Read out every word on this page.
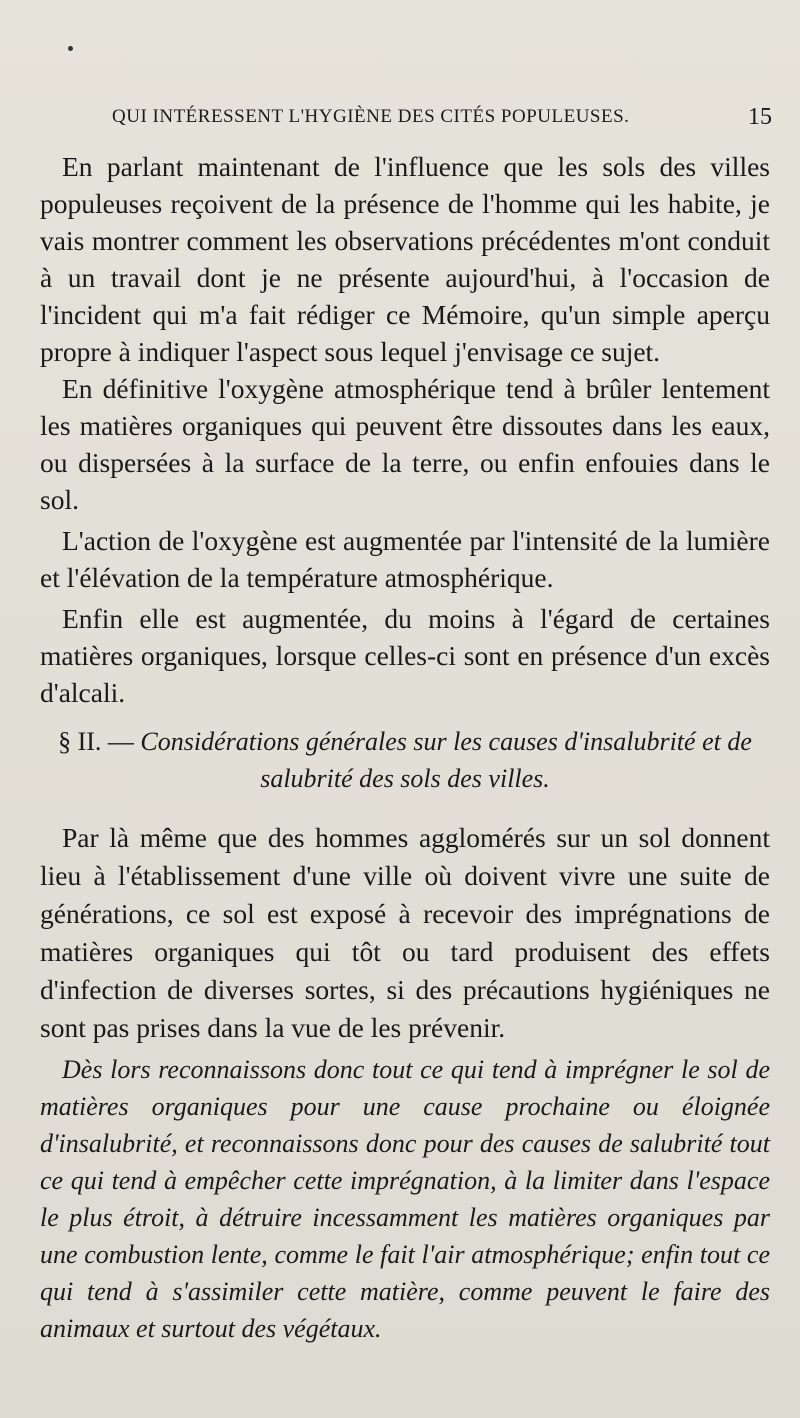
QUI INTÉRESSENT L'HYGIÈNE DES CITÉS POPULEUSES.	15

En parlant maintenant de l'influence que les sols des villes populeuses reçoivent de la présence de l'homme qui les habite, je vais montrer comment les observations précédentes m'ont conduit à un travail dont je ne présente aujourd'hui, à l'occasion de l'incident qui m'a fait rédiger ce Mémoire, qu'un simple aperçu propre à indiquer l'aspect sous lequel j'envisage ce sujet.

En définitive l'oxygène atmosphérique tend à brûler lentement les matières organiques qui peuvent être dissoutes dans les eaux, ou dispersées à la surface de la terre, ou enfin enfouies dans le sol.

L'action de l'oxygène est augmentée par l'intensité de la lumière et l'élévation de la température atmosphérique.

Enfin elle est augmentée, du moins à l'égard de certaines matières organiques, lorsque celles-ci sont en présence d'un excès d'alcali.

§ II. — Considérations générales sur les causes d'insalubrité et de salubrité des sols des villes.

Par là même que des hommes agglomérés sur un sol donnent lieu à l'établissement d'une ville où doivent vivre une suite de générations, ce sol est exposé à recevoir des imprégnations de matières organiques qui tôt ou tard produisent des effets d'infection de diverses sortes, si des précautions hygiéniques ne sont pas prises dans la vue de les prévenir.

Dès lors reconnaissons donc tout ce qui tend à imprégner le sol de matières organiques pour une cause prochaine ou éloignée d'insalubrité, et reconnaissons donc pour des causes de salubrité tout ce qui tend à empêcher cette imprégnation, à la limiter dans l'espace le plus étroit, à détruire incessamment les matières organiques par une combustion lente, comme le fait l'air atmosphérique; enfin tout ce qui tend à s'assimiler cette matière, comme peuvent le faire des animaux et surtout des végétaux.
